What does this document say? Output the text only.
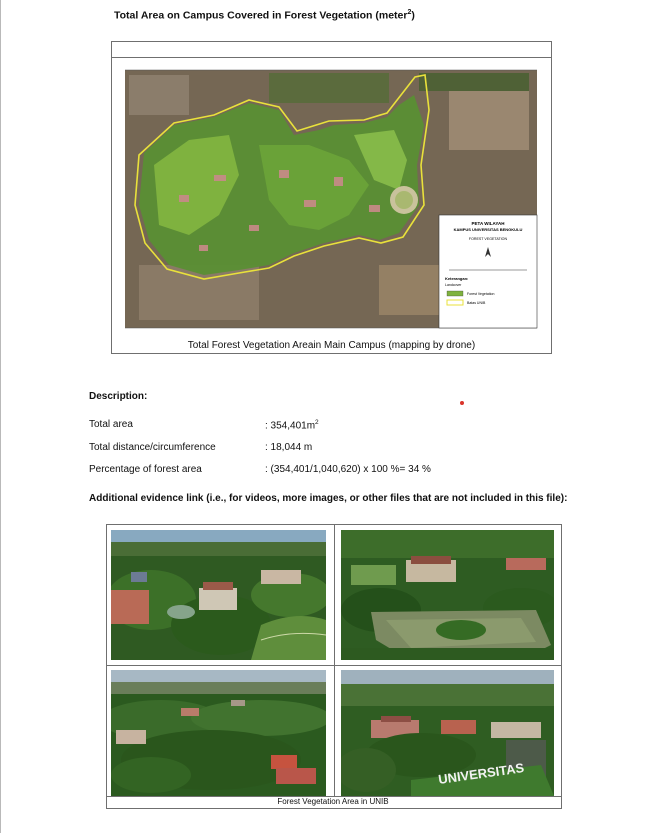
Total Area on Campus Covered in Forest Vegetation (meter$^2$)
PETA WILAYAH
KAMPUS UNIVERSITAS BENGKULU
FOREST VEGETATION
Keterangan:
Landcover
Forest Vegetation
Batas UNIB
Total Forest Vegetation Areain Main Campus (mapping by drone)
Description:
Total area	: $354,401m^2$
Total distance/circumference	: 18,044 m
Percentage of forest area	: (354,401/1,040,620) x 100 %= 34 %
Additional evidence link (i.e., for videos, more images, or other files that are not included in this file):
UNIVERSITAS
Forest Vegetation Area in UNIB
